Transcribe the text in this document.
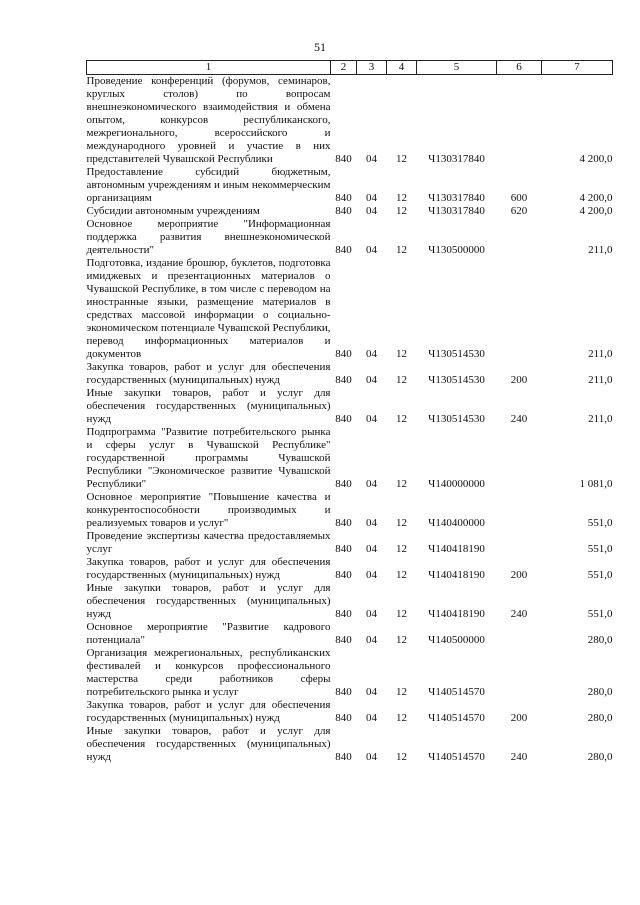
51
1	2	3	4	5	6	7
Проведение конференций (форумов, семинаров, круглых столов) по вопросам внешнеэкономического взаимодействия и обмена опытом, конкурсов республиканского, межрегионального, всероссийского и международного уровней и участие в них представителей Чувашской Республики	840	04	12	Ч130317840		4 200,0
Предоставление субсидий бюджетным, автономным учреждениям и иным некоммерческим организациям	840	04	12	Ч130317840	600	4 200,0
Субсидии автономным учреждениям	840	04	12	Ч130317840	620	4 200,0
Основное мероприятие "Информационная поддержка развития внешнеэкономической деятельности"	840	04	12	Ч130500000		211,0
Подготовка, издание брошюр, буклетов, подготовка имиджевых и презентационных материалов о Чувашской Республике, в том числе с переводом на иностранные языки, размещение материалов в средствах массовой информации о социально-экономическом потенциале Чувашской Республики, перевод информационных материалов и документов	840	04	12	Ч130514530		211,0
Закупка товаров, работ и услуг для обеспечения государственных (муниципальных) нужд	840	04	12	Ч130514530	200	211,0
Иные закупки товаров, работ и услуг для обеспечения государственных (муниципальных) нужд	840	04	12	Ч130514530	240	211,0
Подпрограмма "Развитие потребительского рынка и сферы услуг в Чувашской Республике" государственной программы Чувашской Республики "Экономическое развитие Чувашской Республики"	840	04	12	Ч140000000		1 081,0
Основное мероприятие "Повышение качества и конкурентоспособности производимых и реализуемых товаров и услуг"	840	04	12	Ч140400000		551,0
Проведение экспертизы качества предоставляемых услуг	840	04	12	Ч140418190		551,0
Закупка товаров, работ и услуг для обеспечения государственных (муниципальных) нужд	840	04	12	Ч140418190	200	551,0
Иные закупки товаров, работ и услуг для обеспечения государственных (муниципальных) нужд	840	04	12	Ч140418190	240	551,0
Основное мероприятие "Развитие кадрового потенциала"	840	04	12	Ч140500000		280,0
Организация межрегиональных, республиканских фестивалей и конкурсов профессионального мастерства среди работников сферы потребительского рынка и услуг	840	04	12	Ч140514570		280,0
Закупка товаров, работ и услуг для обеспечения государственных (муниципальных) нужд	840	04	12	Ч140514570	200	280,0
Иные закупки товаров, работ и услуг для обеспечения государственных (муниципальных) нужд	840	04	12	Ч140514570	240	280,0
